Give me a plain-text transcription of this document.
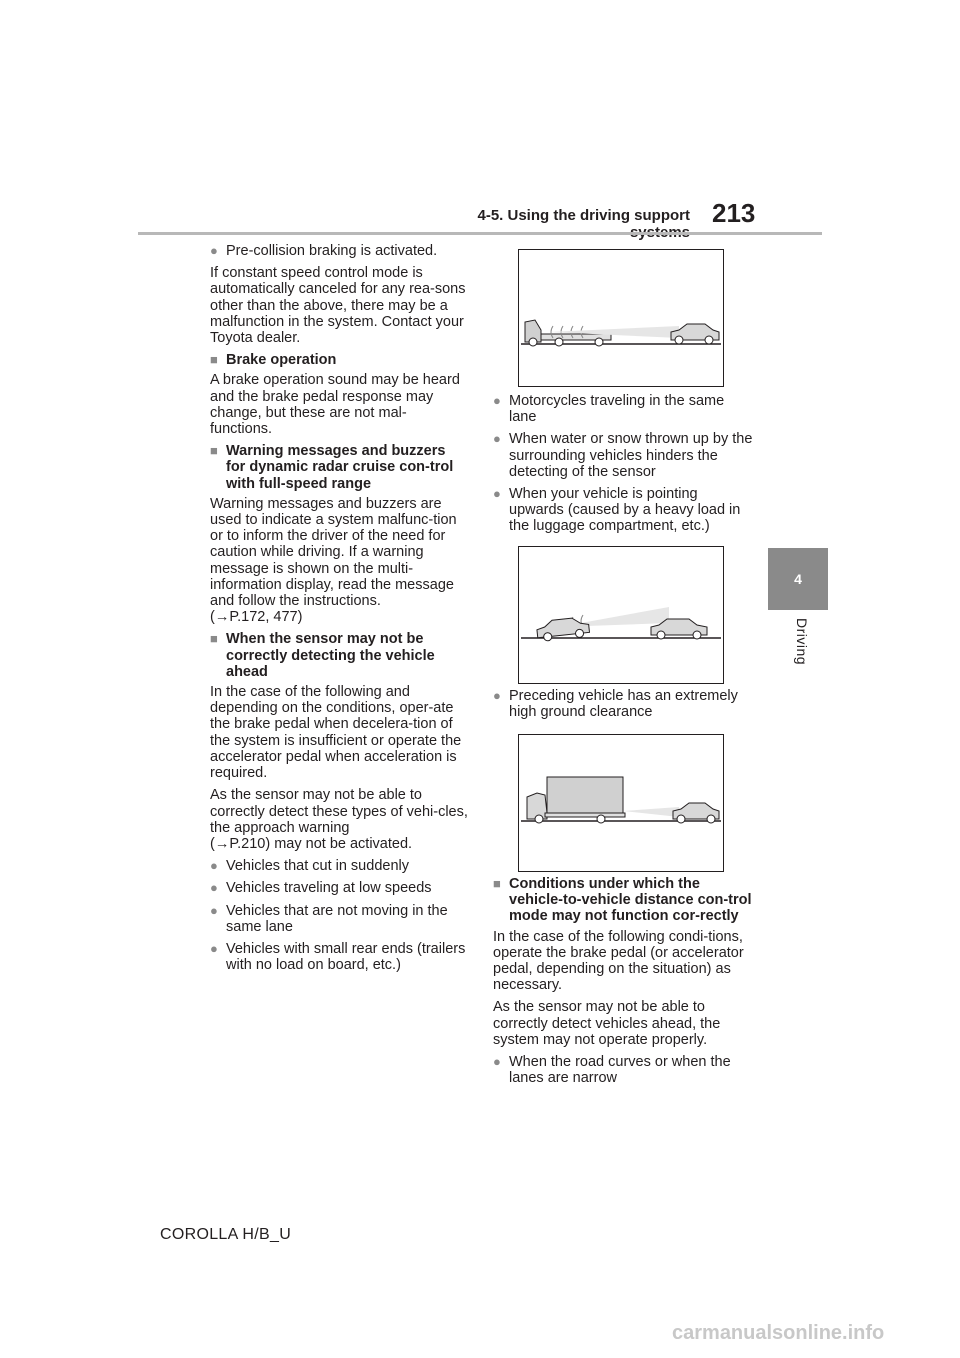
4-5. Using the driving support 213
4
Driving
● Pre-collision braking is activated.

If constant speed control mode is automatically canceled for any rea-sons other than the above, there may be a malfunction in the system. Contact your Toyota dealer.

■ Brake operation

A brake operation sound may be heard and the brake pedal response may change, but these are not mal-functions.

■ Warning messages and buzzers for dynamic radar cruise con-trol with full-speed range

Warning messages and buzzers are used to indicate a system malfunc-tion or to inform the driver of the need for caution while driving. If a warning message is shown on the multi-information display, read the message and follow the instructions.

(→P.172, 477)

■ When the sensor may not be correctly detecting the vehicle ahead

In the case of the following and depending on the conditions, oper-ate the brake pedal when decelera-tion of the system is insufficient or operate the accelerator pedal when acceleration is required.

As the sensor may not be able to correctly detect these types of vehi-cles, the approach warning

(→P.210) may not be activated.

● Vehicles that cut in suddenly
● Vehicles traveling at low speeds
● Vehicles that are not moving in the same lane
● Vehicles with small rear ends (trailers with no load on board, etc.)
● Motorcycles traveling in the same lane
● When water or snow thrown up by the surrounding vehicles hinders the detecting of the sensor
● When your vehicle is pointing upwards (caused by a heavy load in the luggage compartment, etc.)
● Preceding vehicle has an extremely high ground clearance
■ Conditions under which the vehicle-to-vehicle distance con-trol mode may not function cor-rectly

In the case of the following condi-tions, operate the brake pedal (or accelerator pedal, depending on the situation) as necessary.

As the sensor may not be able to correctly detect vehicles ahead, the system may not operate properly.

● When the road curves or when the lanes are narrow
COROLLA H/B_U
carmanualsonline.info
